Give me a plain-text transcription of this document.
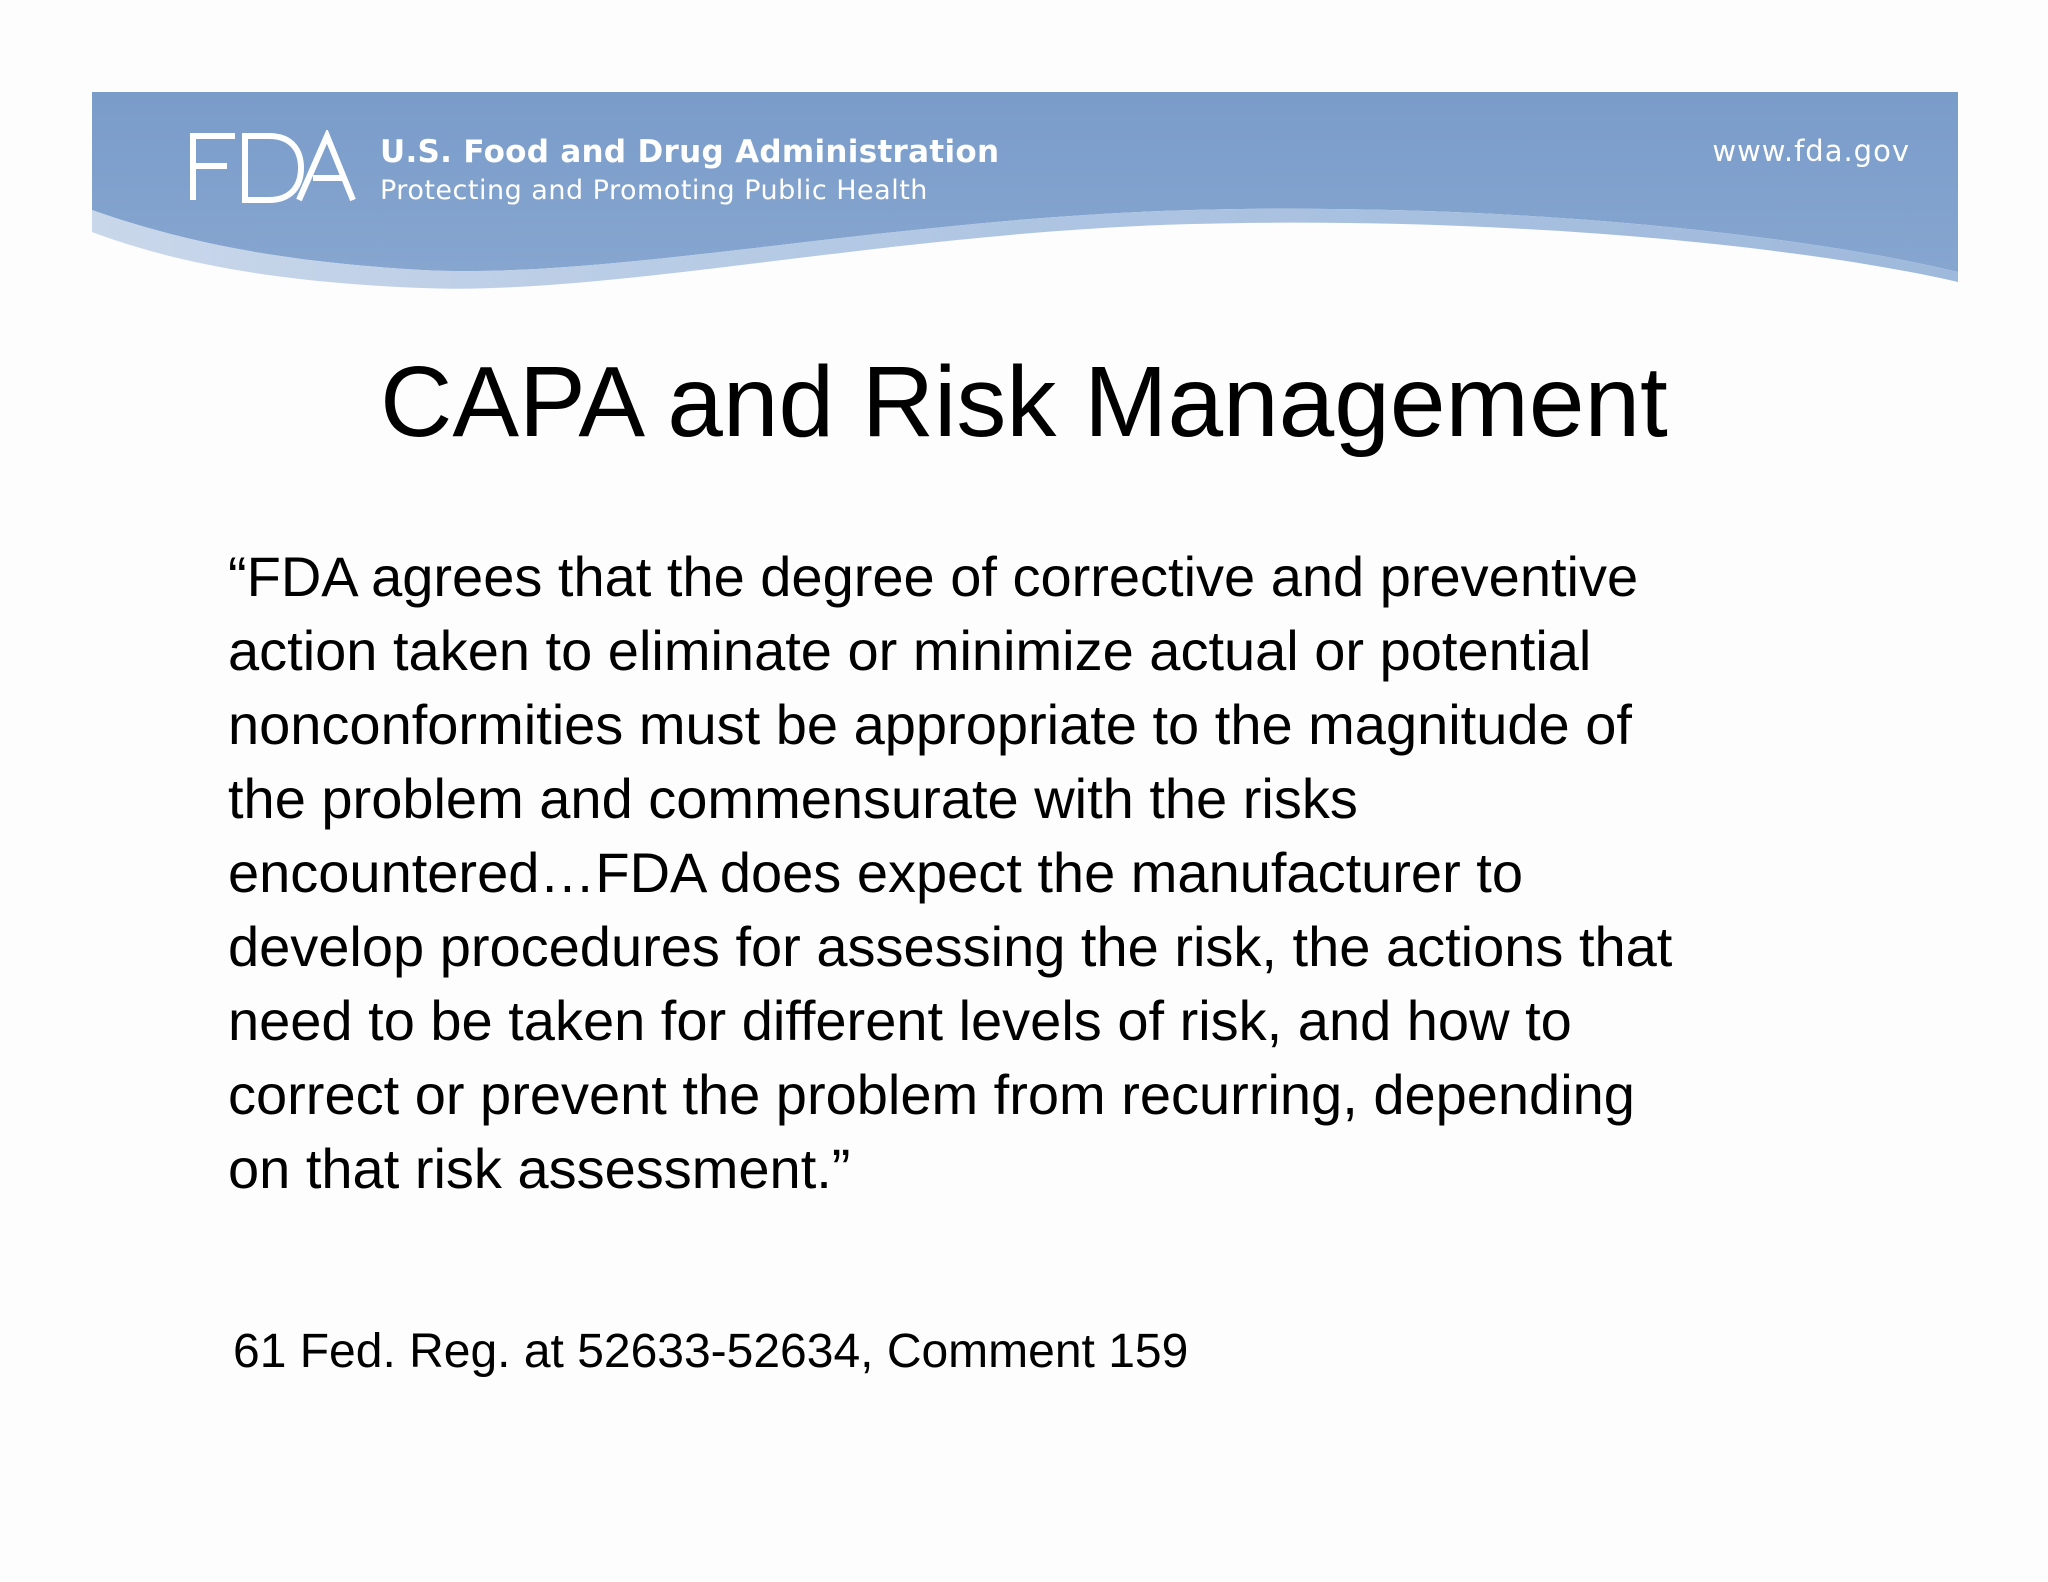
U.S. Food and Drug Administration
Protecting and Promoting Public Health
www.fda.gov
CAPA and Risk Management
“FDA agrees that the degree of corrective and preventive
action taken to eliminate or minimize actual or potential
nonconformities must be appropriate to the magnitude of
the problem and commensurate with the risks
encountered…FDA does expect the manufacturer to
develop procedures for assessing the risk, the actions that
need to be taken for different levels of risk, and how to
correct or prevent the problem from recurring, depending
on that risk assessment.”
61 Fed. Reg. at 52633-52634, Comment 159
